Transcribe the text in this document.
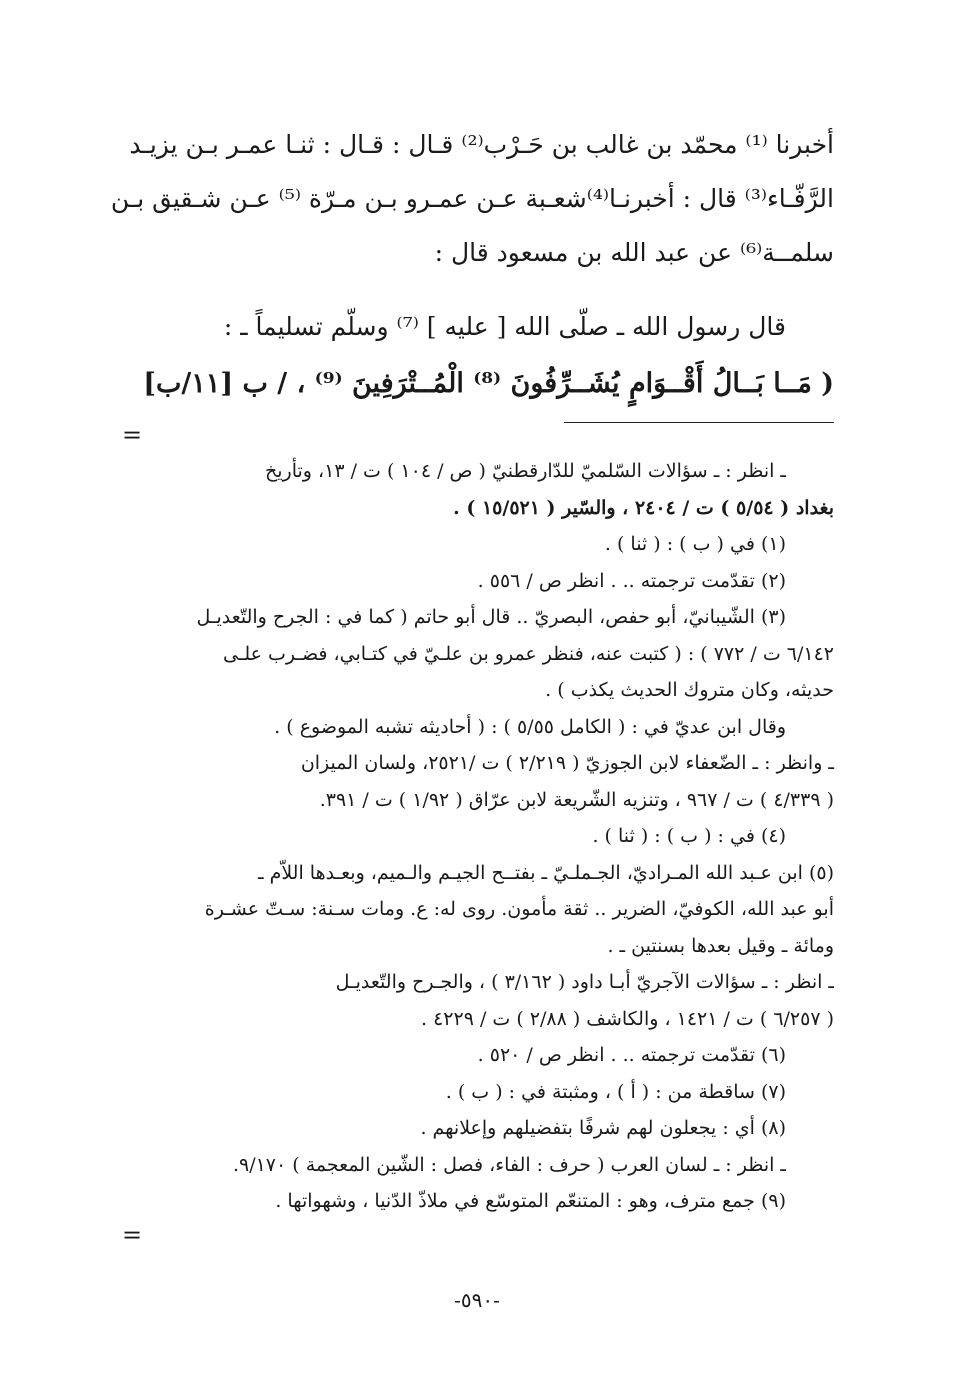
أخبرنا ⁽¹⁾ محمّد بن غالب بن حَـرْب⁽²⁾ قـال : قـال : ثنـا عمـر بـن يزيـد

الرَّفّـاء⁽³⁾ قال : أخبرنـا⁽⁴⁾شعـبة عـن عمـرو بـن مـرّة ⁽⁵⁾ عـن شـقيق بـن

سلمــة⁽⁶⁾ عن عبد الله بن مسعود قال :

قال رسول الله ـ صلّى الله [ عليه ] ⁽⁷⁾ وسلّم تسليماً ـ :

( مَــا بَــالُ أَقْــوَامٍ يُشَــرِّفُونَ ⁽⁸⁾ الْمُــتْرَفِينَ ⁽⁹⁾ ، / ب [١١/ب]

=

ـ انظر : ـ سؤالات السّلميّ للدّارقطنيّ ( ص / ١٠٤ ) ت / ١٣، وتأريخ

بغداد ( ٥/٥٤ ) ت / ٢٤٠٤ ، والسّير ( ١٥/٥٢١ ) .

(١) في ( ب ) : ( ثنا ) .

(٢) تقدّمت ترجمته .. . انظر ص / ٥٥٦ .

(٣) الشّيبانيّ، أبو حفص، البصريّ .. قال أبو حاتم ( كما في : الجرح والتّعديـل

٦/١٤٢ ت / ٧٧٢ ) : ( كتبت عنه، فنظر عمرو بن علـيّ في كتـابي، فضـرب علـى

حديثه، وكان متروك الحديث يكذب ) .

وقال ابن عديّ في : ( الكامل ٥/٥٥ ) : ( أحاديثه تشبه الموضوع ) .

ـ وانظر : ـ الضّعفاء لابن الجوزيّ ( ٢/٢١٩ ) ت /٢٥٢١، ولسان الميزان

( ٤/٣٣٩ ) ت / ٩٦٧ ، وتنزيه الشّريعة لابن عرّاق ( ١/٩٢ ) ت / ٣٩١.

(٤) في : ( ب ) : ( ثنا ) .

(٥) ابن عـبد الله المـراديّ، الجـملـيّ ـ بفتــح الجيـم والـميم، وبعـدها اللاّم ـ

أبو عبد الله، الكوفيّ، الضرير .. ثقة مأمون. روى له: ع. ومات سـنة: سـتّ عشـرة

ومائة ـ وقيل بعدها بسنتين ـ .

ـ انظر : ـ سؤالات الآجريّ أبـا داود ( ٣/١٦٢ ) ، والجـرح والتّعديـل

( ٦/٢٥٧ ) ت / ١٤٢١ ، والكاشف ( ٢/٨٨ ) ت / ٤٢٢٩ .

(٦) تقدّمت ترجمته .. . انظر ص / ٥٢٠ .

(٧) ساقطة من : ( أ ) ، ومثبتة في : ( ب ) .

(٨) أي : يجعلون لهم شرفًا بتفضيلهم وإعلانهم .

ـ انظر : ـ لسان العرب ( حرف : الفاء، فصل : الشّين المعجمة ) ٩/١٧٠.

(٩) جمع مترف، وهو : المتنعّم المتوسّع في ملاذّ الدّنيا ، وشهواتها .

=
-٥٩٠-
